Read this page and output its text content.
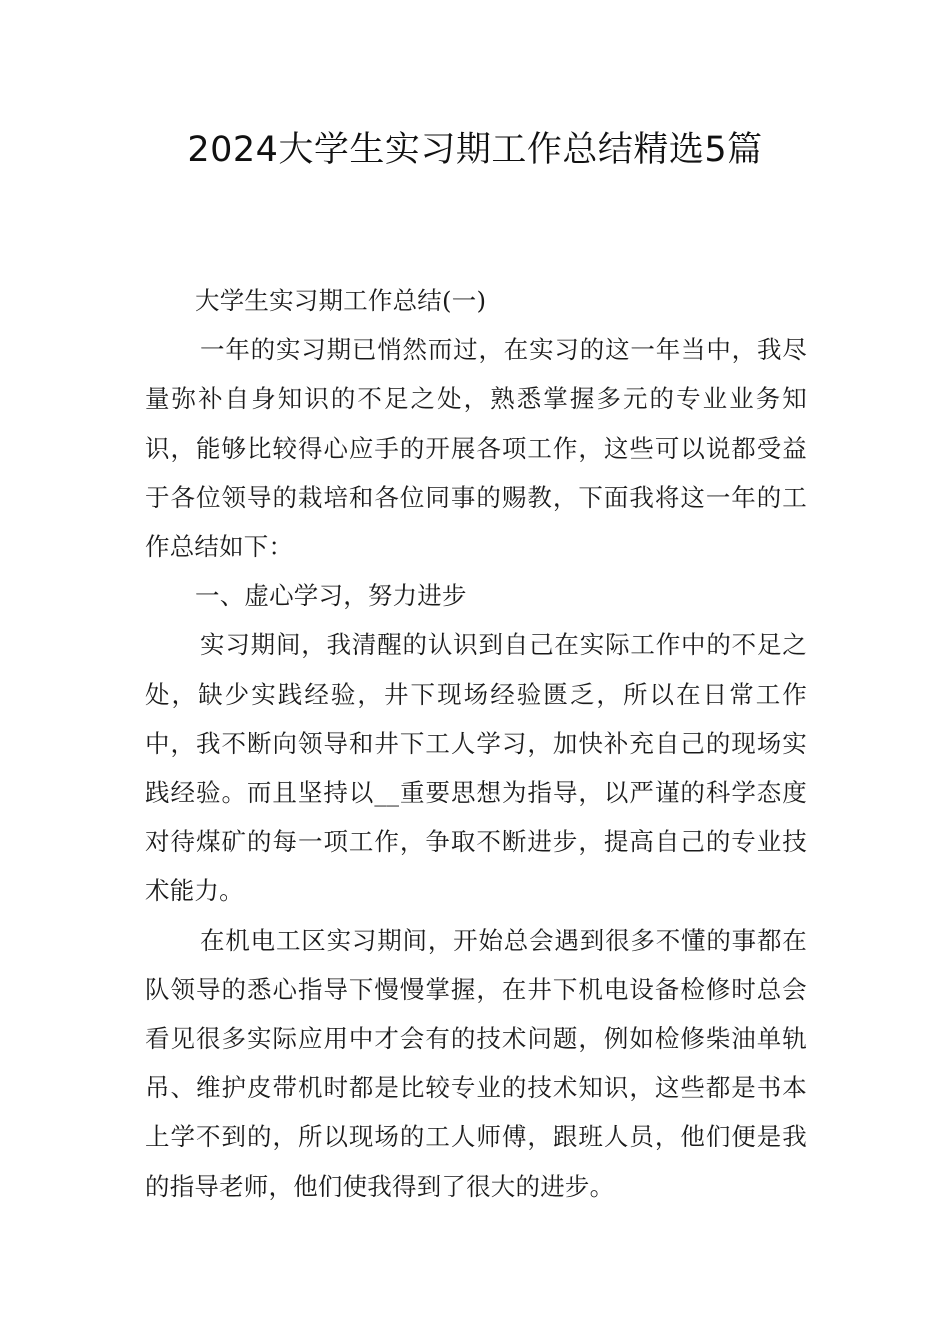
2024大学生实习期工作总结精选5篇

大学生实习期工作总结(一)

一年的实习期已悄然而过，在实习的这一年当中，我尽量弥补自身知识的不足之处，熟悉掌握多元的专业业务知识，能够比较得心应手的开展各项工作，这些可以说都受益于各位领导的栽培和各位同事的赐教，下面我将这一年的工作总结如下：

一、虚心学习，努力进步

实习期间，我清醒的认识到自己在实际工作中的不足之处，缺少实践经验，井下现场经验匮乏，所以在日常工作中，我不断向领导和井下工人学习，加快补充自己的现场实践经验。而且坚持以__重要思想为指导，以严谨的科学态度对待煤矿的每一项工作，争取不断进步，提高自己的专业技术能力。

在机电工区实习期间，开始总会遇到很多不懂的事都在队领导的悉心指导下慢慢掌握，在井下机电设备检修时总会看见很多实际应用中才会有的技术问题，例如检修柴油单轨吊、维护皮带机时都是比较专业的技术知识，这些都是书本上学不到的，所以现场的工人师傅，跟班人员，他们便是我的指导老师，他们使我得到了很大的进步。
